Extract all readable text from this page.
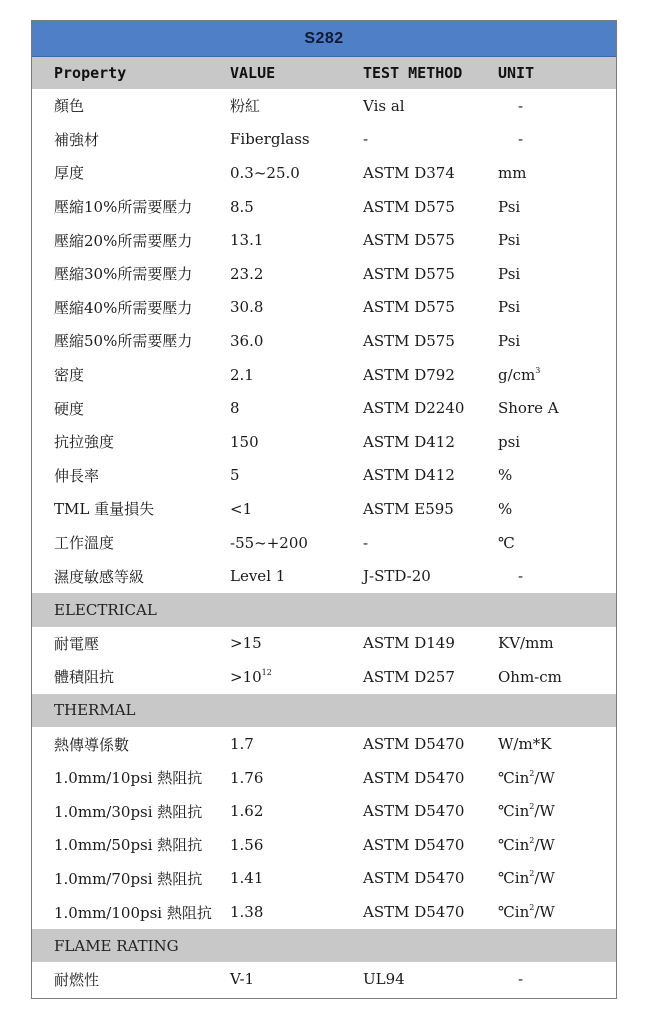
S282
Property	VALUE	TEST METHOD	UNIT
顏色	粉紅	Vis al	-
補強材	Fiberglass	-	-
厚度	0.3~25.0	ASTM D374	mm
壓縮10%所需要壓力	8.5	ASTM D575	Psi
壓縮20%所需要壓力	13.1	ASTM D575	Psi
壓縮30%所需要壓力	23.2	ASTM D575	Psi
壓縮40%所需要壓力	30.8	ASTM D575	Psi
壓縮50%所需要壓力	36.0	ASTM D575	Psi
密度	2.1	ASTM D792	$g/cm^3$
硬度	8	ASTM D2240	Shore A
抗拉強度	150	ASTM D412	psi
伸長率	5	ASTM D412	%
TML 重量損失	<1	ASTM E595	%
工作溫度	-55~+200	-	℃
濕度敏感等級	Level 1	J-STD-20	-
ELECTRICAL
耐電壓	>15	ASTM D149	KV/mm
體積阻抗	$>10^{12}$	ASTM D257	Ohm-cm
THERMAL
熱傳導係數	1.7	ASTM D5470	W/m*K
1.0mm/10psi 熱阻抗	1.76	ASTM D5470	$℃in^2/W$
1.0mm/30psi 熱阻抗	1.62	ASTM D5470	$℃in^2/W$
1.0mm/50psi 熱阻抗	1.56	ASTM D5470	$℃in^2/W$
1.0mm/70psi 熱阻抗	1.41	ASTM D5470	$℃in^2/W$
1.0mm/100psi 熱阻抗	1.38	ASTM D5470	$℃in^2/W$
FLAME RATING
耐燃性	V-1	UL94	-
